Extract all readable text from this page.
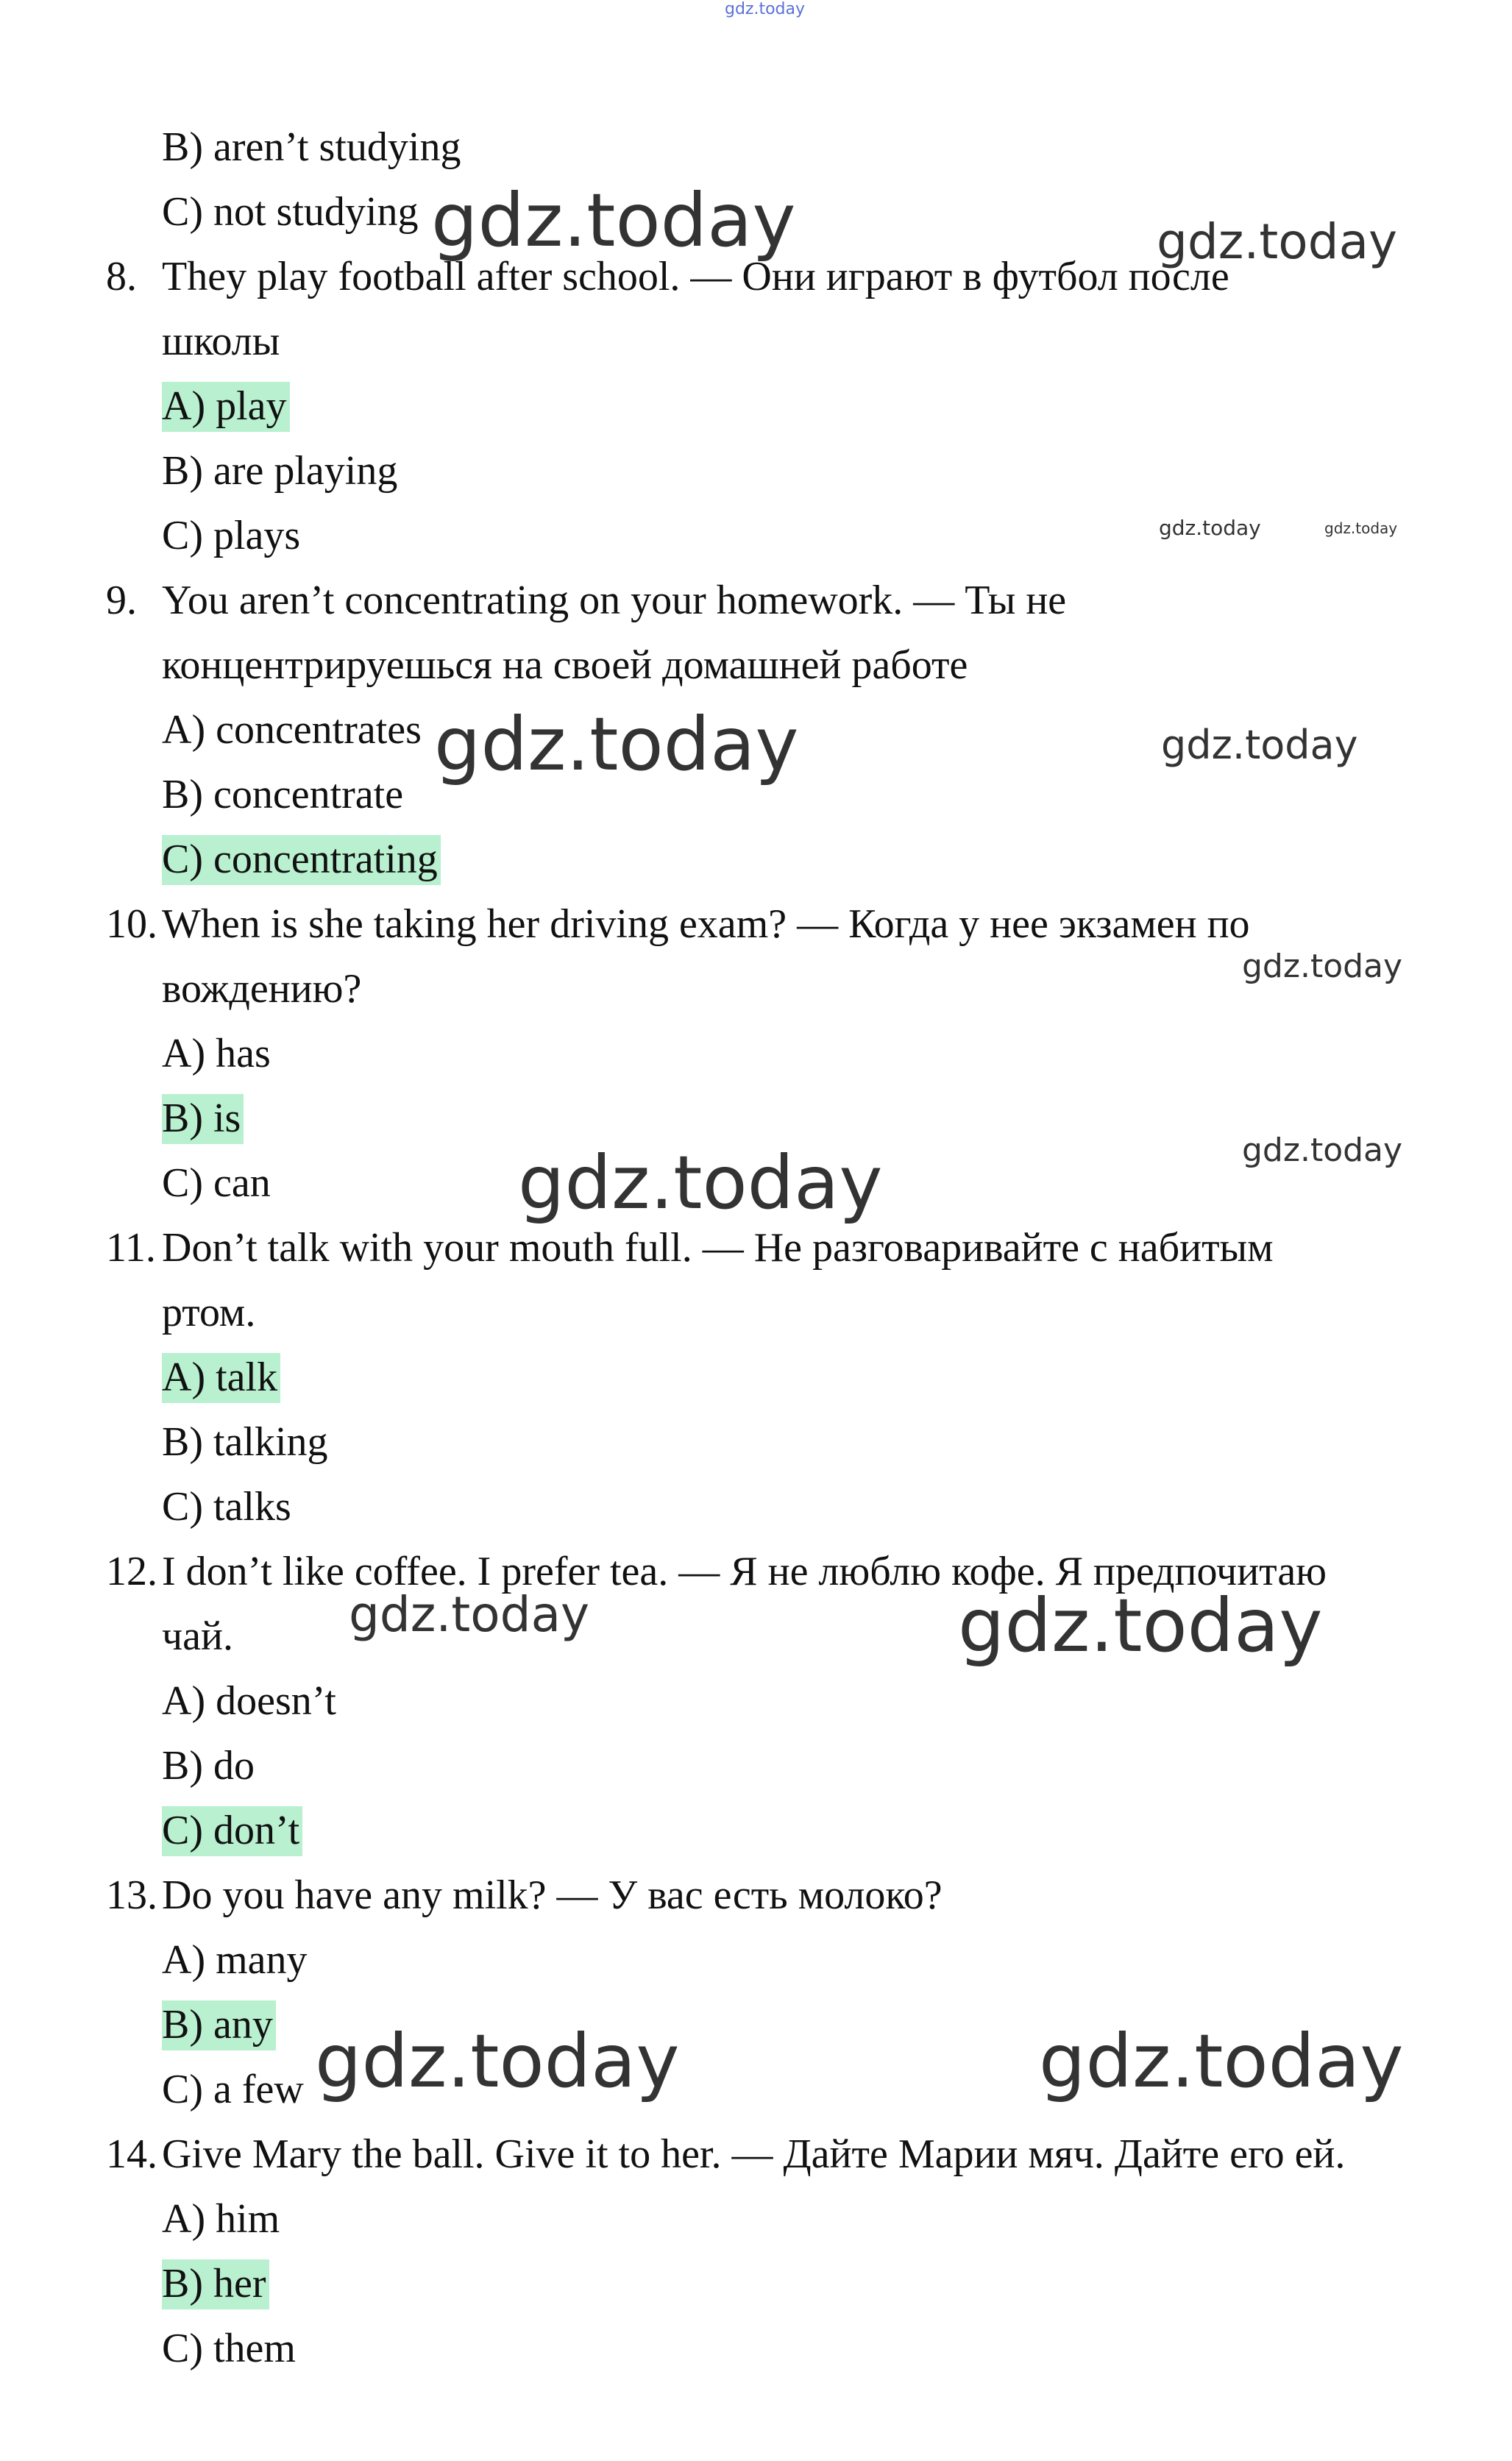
gdz.today
B) aren’t studying
C) not studying
8. They play football after school. — Они играют в футбол после
школы
A) play
B) are playing
C) plays
9. You aren’t concentrating on your homework. — Ты не
концентрируешься на своей домашней работе
A) concentrates
B) concentrate
C) concentrating
10. When is she taking her driving exam? — Когда у нее экзамен по
вождению?
A) has
B) is
C) can
11. Don’t talk with your mouth full. — Не разговаривайте с набитым
ртом.
A) talk
B) talking
C) talks
12. I don’t like coffee. I prefer tea. — Я не люблю кофе. Я предпочитаю
чай.
A) doesn’t
B) do
C) don’t
13. Do you have any milk? — У вас есть молоко?
A) many
B) any
C) a few
14. Give Mary the ball. Give it to her. — Дайте Марии мяч. Дайте его ей.
A) him
B) her
C) them
gdz.today	gdz.today
gdz.today	gdz.today
gdz.today	gdz.today
gdz.today
gdz.today	gdz.today
gdz.today	gdz.today
gdz.today	gdz.today
